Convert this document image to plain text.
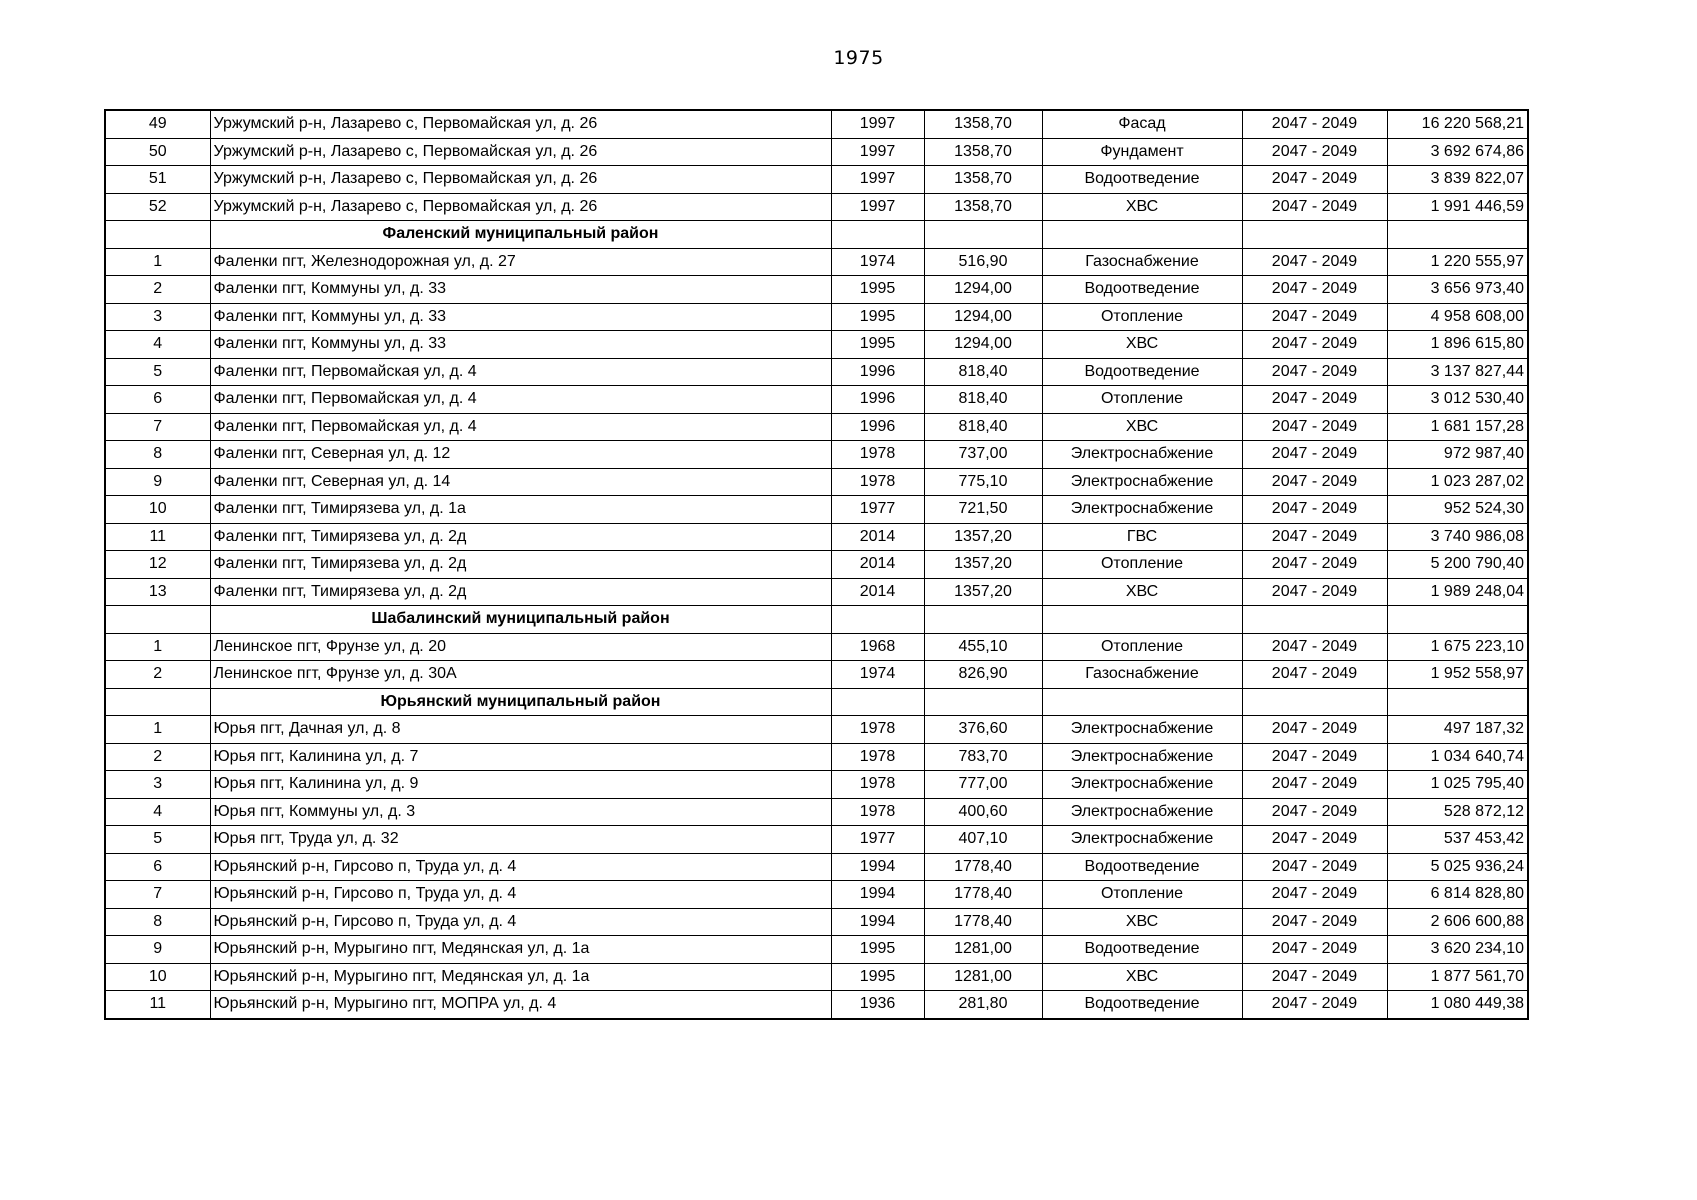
1975
49	Уржумский р-н, Лазарево с, Первомайская ул, д. 26	1997	1358,70	Фасад	2047 - 2049	16 220 568,21
50	Уржумский р-н, Лазарево с, Первомайская ул, д. 26	1997	1358,70	Фундамент	2047 - 2049	3 692 674,86
51	Уржумский р-н, Лазарево с, Первомайская ул, д. 26	1997	1358,70	Водоотведение	2047 - 2049	3 839 822,07
52	Уржумский р-н, Лазарево с, Первомайская ул, д. 26	1997	1358,70	ХВС	2047 - 2049	1 991 446,59
	Фаленский муниципальный район					
1	Фаленки пгт, Железнодорожная ул, д. 27	1974	516,90	Газоснабжение	2047 - 2049	1 220 555,97
2	Фаленки пгт, Коммуны ул, д. 33	1995	1294,00	Водоотведение	2047 - 2049	3 656 973,40
3	Фаленки пгт, Коммуны ул, д. 33	1995	1294,00	Отопление	2047 - 2049	4 958 608,00
4	Фаленки пгт, Коммуны ул, д. 33	1995	1294,00	ХВС	2047 - 2049	1 896 615,80
5	Фаленки пгт, Первомайская ул, д. 4	1996	818,40	Водоотведение	2047 - 2049	3 137 827,44
6	Фаленки пгт, Первомайская ул, д. 4	1996	818,40	Отопление	2047 - 2049	3 012 530,40
7	Фаленки пгт, Первомайская ул, д. 4	1996	818,40	ХВС	2047 - 2049	1 681 157,28
8	Фаленки пгт, Северная ул, д. 12	1978	737,00	Электроснабжение	2047 - 2049	972 987,40
9	Фаленки пгт, Северная ул, д. 14	1978	775,10	Электроснабжение	2047 - 2049	1 023 287,02
10	Фаленки пгт, Тимирязева ул, д. 1а	1977	721,50	Электроснабжение	2047 - 2049	952 524,30
11	Фаленки пгт, Тимирязева ул, д. 2д	2014	1357,20	ГВС	2047 - 2049	3 740 986,08
12	Фаленки пгт, Тимирязева ул, д. 2д	2014	1357,20	Отопление	2047 - 2049	5 200 790,40
13	Фаленки пгт, Тимирязева ул, д. 2д	2014	1357,20	ХВС	2047 - 2049	1 989 248,04
	Шабалинский муниципальный район					
1	Ленинское пгт, Фрунзе ул, д. 20	1968	455,10	Отопление	2047 - 2049	1 675 223,10
2	Ленинское пгт, Фрунзе ул, д. 30А	1974	826,90	Газоснабжение	2047 - 2049	1 952 558,97
	Юрьянский муниципальный район					
1	Юрья пгт, Дачная ул, д. 8	1978	376,60	Электроснабжение	2047 - 2049	497 187,32
2	Юрья пгт, Калинина ул, д. 7	1978	783,70	Электроснабжение	2047 - 2049	1 034 640,74
3	Юрья пгт, Калинина ул, д. 9	1978	777,00	Электроснабжение	2047 - 2049	1 025 795,40
4	Юрья пгт, Коммуны ул, д. 3	1978	400,60	Электроснабжение	2047 - 2049	528 872,12
5	Юрья пгт, Труда ул, д. 32	1977	407,10	Электроснабжение	2047 - 2049	537 453,42
6	Юрьянский р-н, Гирсово п, Труда ул, д. 4	1994	1778,40	Водоотведение	2047 - 2049	5 025 936,24
7	Юрьянский р-н, Гирсово п, Труда ул, д. 4	1994	1778,40	Отопление	2047 - 2049	6 814 828,80
8	Юрьянский р-н, Гирсово п, Труда ул, д. 4	1994	1778,40	ХВС	2047 - 2049	2 606 600,88
9	Юрьянский р-н, Мурыгино пгт, Медянская ул, д. 1а	1995	1281,00	Водоотведение	2047 - 2049	3 620 234,10
10	Юрьянский р-н, Мурыгино пгт, Медянская ул, д. 1а	1995	1281,00	ХВС	2047 - 2049	1 877 561,70
11	Юрьянский р-н, Мурыгино пгт, МОПРА ул, д. 4	1936	281,80	Водоотведение	2047 - 2049	1 080 449,38
